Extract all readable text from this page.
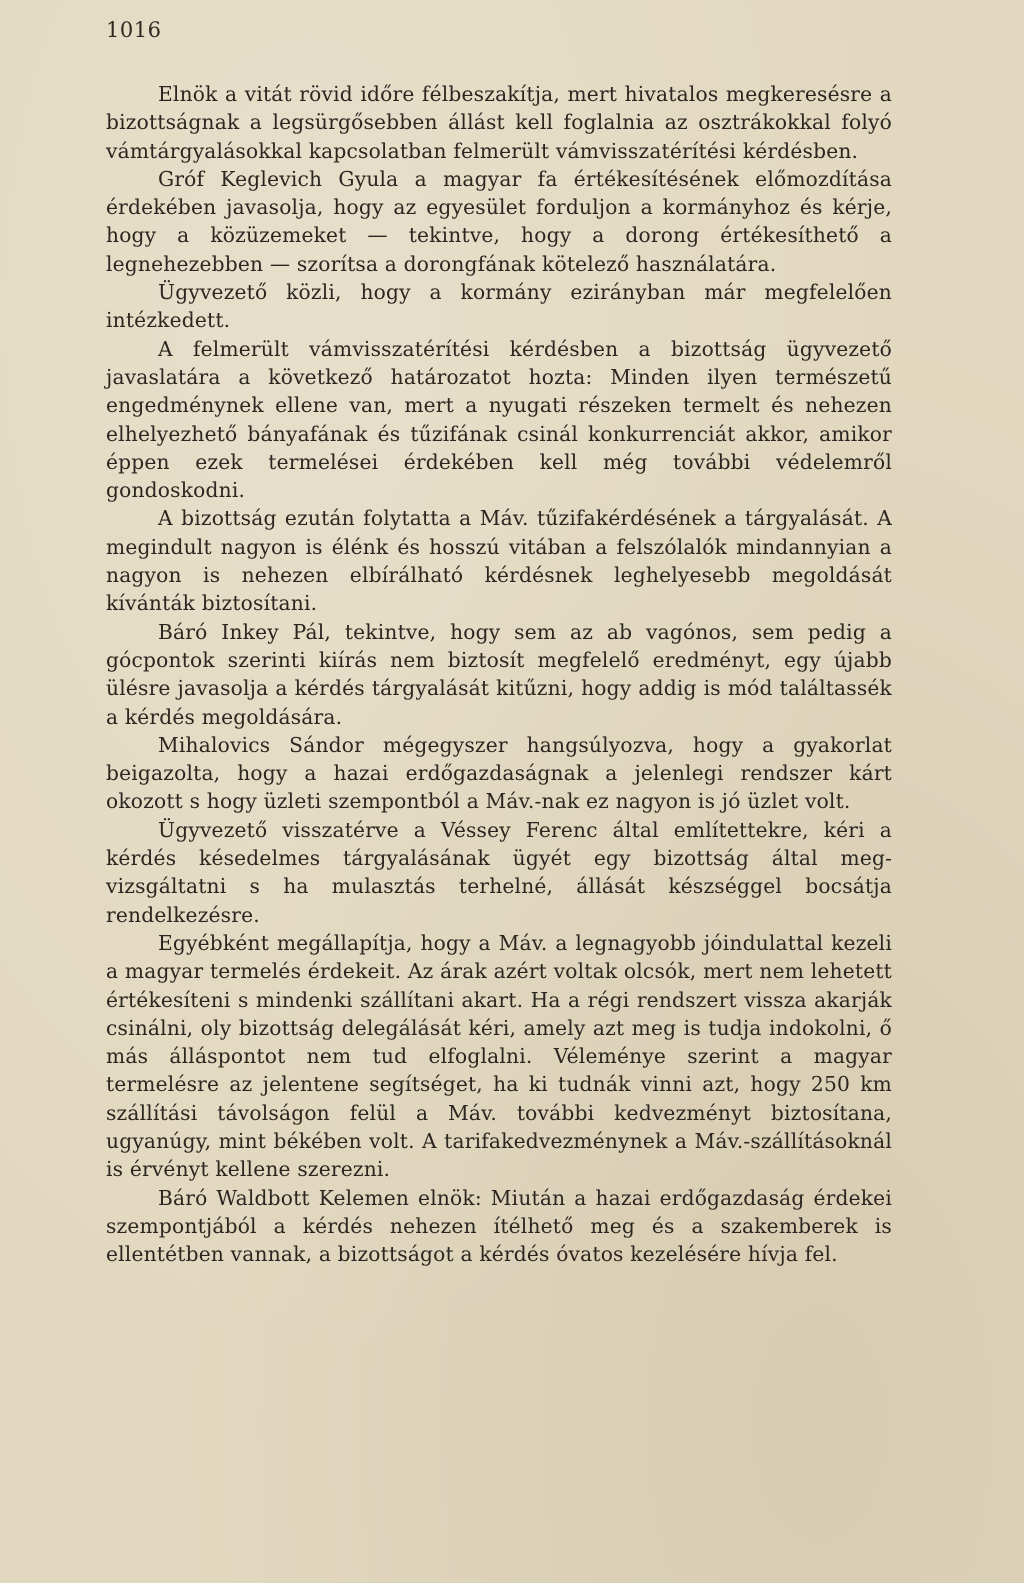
1016

Elnök a vitát rövid időre félbeszakítja, mert hivatalos megkeresésre a bizottságnak a legsürgősebben állást kell foglalnia az osztrákokkal folyó vámtárgyalásokkal kapcsolatban felmerült vámvisszatérítési kérdésben.

Gróf Keglevich Gyula a magyar fa értékesítésének előmozdítása érdekében javasolja, hogy az egyesület forduljon a kormányhoz és kérje, hogy a közüzemeket — tekintve, hogy a dorong értékesíthető a legnehezebben — szorítsa a dorongfának kötelező használatára.

Ügyvezető közli, hogy a kormány ezirányban már megfelelően intézkedett.

A felmerült vámvisszatérítési kérdésben a bizottság ügyvezető javaslatára a következő határozatot hozta: Minden ilyen természetű engedménynek ellene van, mert a nyugati részeken termelt és nehezen elhelyezhető bányafának és tűzifának csinál konkurrenciát akkor, amikor éppen ezek termelései érdekében kell még további védelemről gondoskodni.

A bizottság ezután folytatta a Máv. tűzifakérdésének a tárgyalását. A megindult nagyon is élénk és hosszú vitában a felszólalók mindannyian a nagyon is nehezen elbírálható kérdésnek leghelyesebb megoldását kívánták biztosítani.

Báró Inkey Pál, tekintve, hogy sem az ab vagónos, sem pedig a gócpontok szerinti kiírás nem biztosít megfelelő eredményt, egy újabb ülésre javasolja a kérdés tárgyalását kitűzni, hogy addig is mód találtassék a kérdés megoldására.

Mihalovics Sándor mégegyszer hangsúlyozva, hogy a gyakorlat beigazolta, hogy a hazai erdőgazdaságnak a jelenlegi rendszer kárt okozott s hogy üzleti szempontból a Máv.-nak ez nagyon is jó üzlet volt.

Ügyvezető visszatérve a Véssey Ferenc által említettekre, kéri a kérdés késedelmes tárgyalásának ügyét egy bizottság által megvizsgáltatni s ha mulasztás terhelné, állását készséggel bocsátja rendelkezésre.

Egyébként megállapítja, hogy a Máv. a legnagyobb jóindulattal kezeli a magyar termelés érdekeit. Az árak azért voltak olcsók, mert nem lehetett értékesíteni s mindenki szállítani akart. Ha a régi rendszert vissza akarják csinálni, oly bizottság delegálását kéri, amely azt meg is tudja indokolni, ő más álláspontot nem tud elfoglalni. Véleménye szerint a magyar termelésre az jelentene segítséget, ha ki tudnák vinni azt, hogy 250 km szállítási távolságon felül a Máv. további kedvezményt biztosítana, ugyanúgy, mint békében volt. A tarifakedvezménynek a Máv.-szállításoknál is érvényt kellene szerezni.

Báró Waldbott Kelemen elnök: Miután a hazai erdőgazdaság érdekei szempontjából a kérdés nehezen ítélhető meg és a szakemberek is ellentétben vannak, a bizottságot a kérdés óvatos kezelésére hívja fel.
